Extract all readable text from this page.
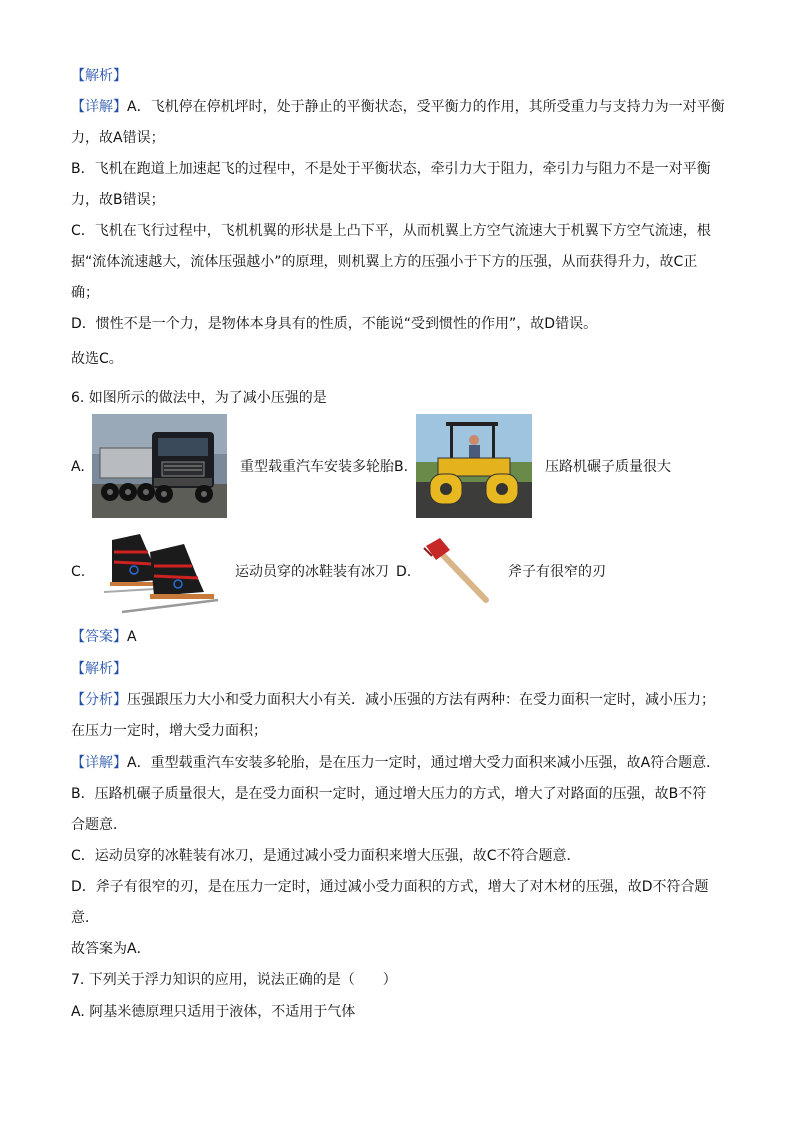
【解析】
【详解】A．飞机停在停机坪时，处于静止的平衡状态，受平衡力的作用，其所受重力与支持力为一对平衡
力，故A错误；
B．飞机在跑道上加速起飞的过程中，不是处于平衡状态，牵引力大于阻力，牵引力与阻力不是一对平衡
力，故B错误；
C．飞机在飞行过程中，飞机机翼的形状是上凸下平，从而机翼上方空气流速大于机翼下方空气流速，根
据“流体流速越大，流体压强越小”的原理，则机翼上方的压强小于下方的压强，从而获得升力，故C正
确；
D．惯性不是一个力，是物体本身具有的性质，不能说“受到惯性的作用”，故D错误。
故选C。
6. 如图所示的做法中，为了减小压强的是
A.	重型载重汽车安装多轮胎 B.	压路机碾子质量很大
C.	运动员穿的冰鞋装有冰刀 D.	斧子有很窄的刃
【答案】A
【解析】
【分析】压强跟压力大小和受力面积大小有关．减小压强的方法有两种：在受力面积一定时，减小压力；
在压力一定时，增大受力面积；
【详解】A．重型载重汽车安装多轮胎，是在压力一定时，通过增大受力面积来减小压强，故A符合题意．
B．压路机碾子质量很大，是在受力面积一定时，通过增大压力的方式，增大了对路面的压强，故B不符
合题意．
C．运动员穿的冰鞋装有冰刀，是通过减小受力面积来增大压强，故C不符合题意．
D．斧子有很窄的刃，是在压力一定时，通过减小受力面积的方式，增大了对木材的压强，故D不符合题
意．
故答案为A．
7. 下列关于浮力知识的应用，说法正确的是（　　）
A. 阿基米德原理只适用于液体，不适用于气体
